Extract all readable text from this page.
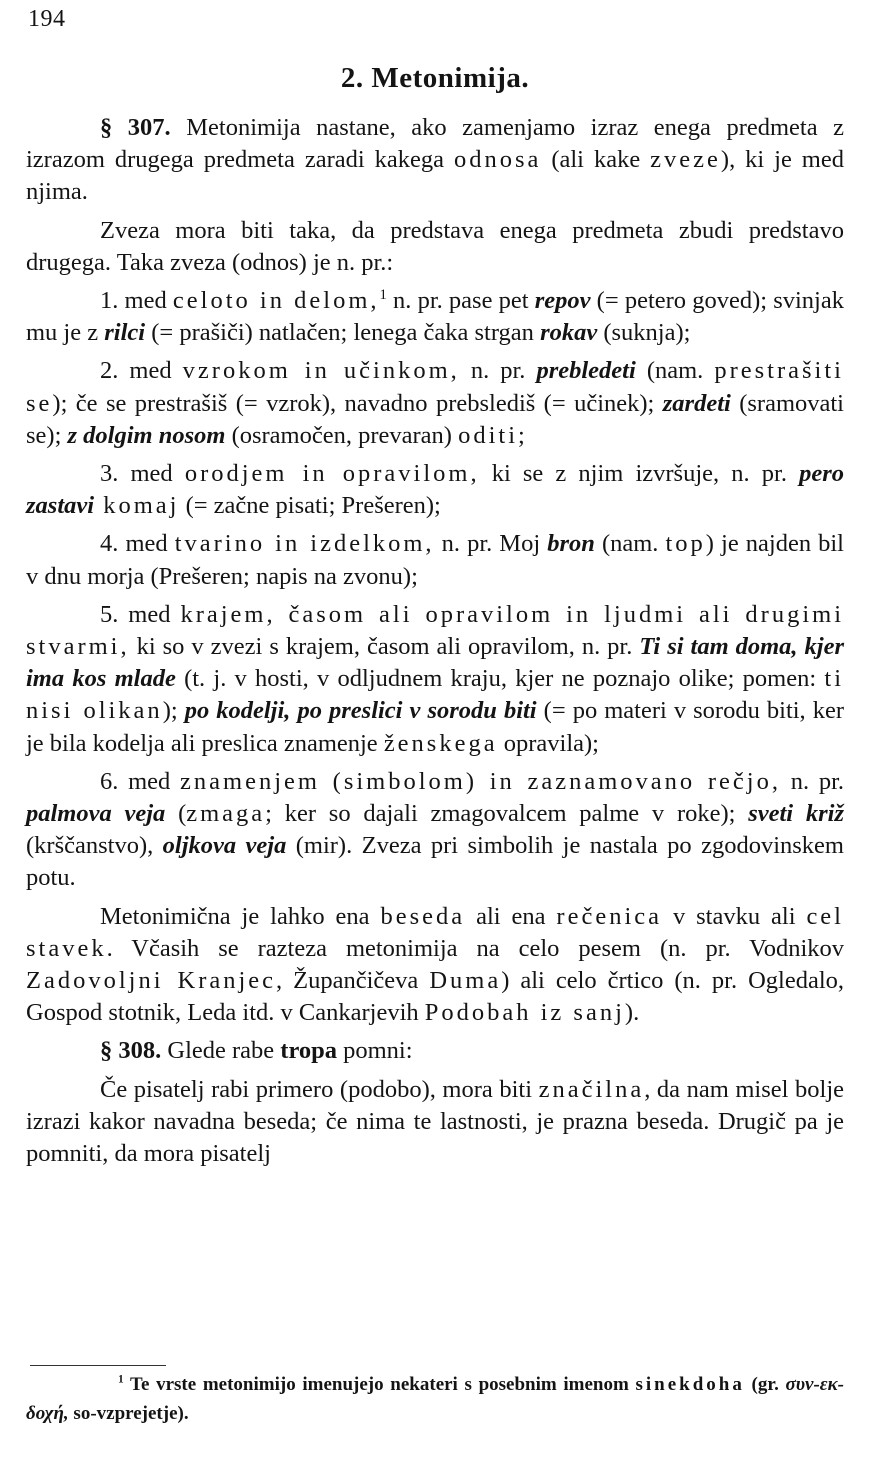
194
2. Metonimija.

§ 307. Metonimija nastane, ako zamenjamo izraz enega predmeta z izrazom drugega predmeta zaradi kakega odnosa (ali kake zveze), ki je med njima.

Zveza mora biti taka, da predstava enega predmeta zbudi predstavo drugega. Taka zveza (odnos) je n. pr.:

1. med celoto in delom,$^1$ n. pr. pase pet repov (= petero goved); svinjak mu je z rilci (= prašiči) natlačen; lenega čaka strgan rokav (suknja);

2. med vzrokom in učinkom, n. pr. prebledeti (nam. prestrašiti se); če se prestrašiš (= vzrok), navadno prebslediš (= učinek); zardeti (sramovati se); z dolgim nosom (osramočen, prevaran) oditi;

3. med orodjem in opravilom, ki se z njim izvršuje, n. pr. pero zastavi komaj (= začne pisati; Prešeren);

4. med tvarino in izdelkom, n. pr. Moj bron (nam. top) je najden bil v dnu morja (Prešeren; napis na zvonu);

5. med krajem, časom ali opravilom in ljudmi ali drugimi stvarmi, ki so v zvezi s krajem, časom ali opravilom, n. pr. Ti si tam doma, kjer ima kos mlade (t. j. v hosti, v odljudnem kraju, kjer ne poznajo olike; pomen: ti nisi olikan); po kodelji, po preslici v sorodu biti (= po materi v sorodu biti, ker je bila kodelja ali preslica znamenje ženskega opravila);

6. med znamenjem (simbolom) in zaznamovano rečjo, n. pr. palmova veja (zmaga; ker so dajali zmagovalcem palme v roke); sveti križ (krščanstvo), oljkova veja (mir). Zveza pri simbolih je nastala po zgodovinskem potu.

Metonimična je lahko ena beseda ali ena rečenica v stavku ali cel stavek. Včasih se razteza metonimija na celo pesem (n. pr. Vodnikov Zadovoljni Kranjec, Župančičeva Duma) ali celo črtico (n. pr. Ogledalo, Gospod stotnik, Leda itd. v Cankarjevih Podobah iz sanj).

§ 308. Glede rabe tropa pomni:

Če pisatelj rabi primero (podobo), mora biti značilna, da nam misel bolje izrazi kakor navadna beseda; če nima te lastnosti, je prazna beseda. Drugič pa je pomniti, da mora pisatelj

$^1$ Te vrste metonimijo imenujejo nekateri s posebnim imenom sinekdoha (gr. συν-εκ-δοχή, so-vzprejetje).
